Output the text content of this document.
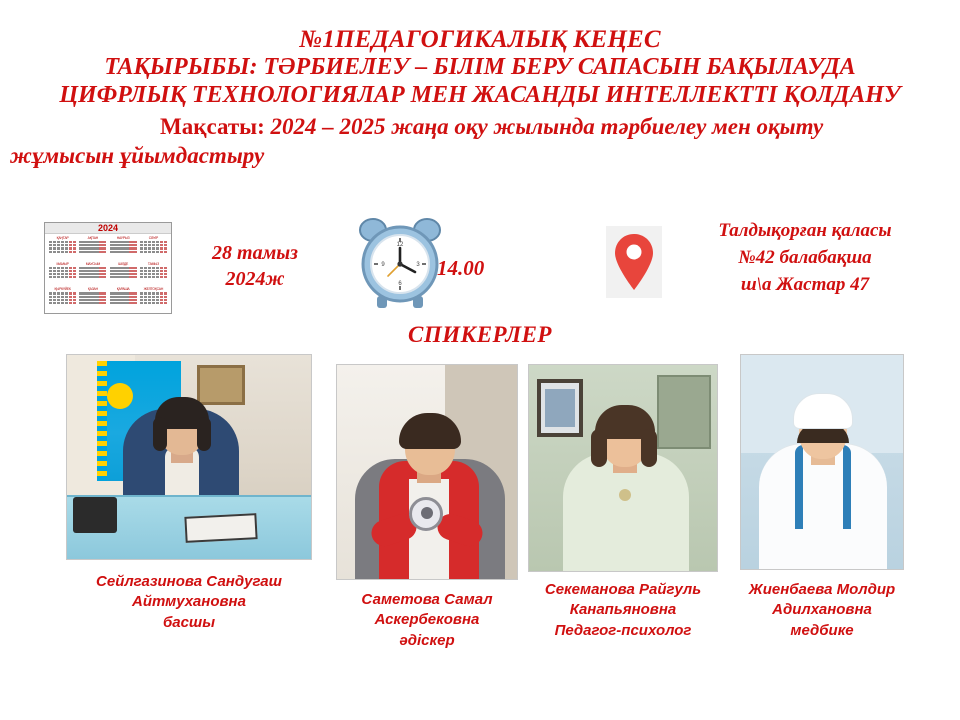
№1ПЕДАГОГИКАЛЫҚ КЕҢЕС
ТАҚЫРЫБЫ: ТӘРБИЕЛЕУ – БІЛІМ БЕРУ САПАСЫН БАҚЫЛАУДА
ЦИФРЛЫҚ ТЕХНОЛОГИЯЛАР МЕН ЖАСАНДЫ ИНТЕЛЛЕКТТІ ҚОЛДАНУ
Мақсаты: 2024 – 2025 жаңа оқу жылында тәрбиелеу мен оқыту
жұмысын ұйымдастыру
2024
ҚАҢТАР	АҚПАН	НАУРЫЗ	СӘУІР
МАМЫР	МАУСЫМ	ШІЛДЕ	ТАМЫЗ
ҚЫРКҮЙЕК	ҚАЗАН	ҚАРАША	ЖЕЛТОҚСАН
28 тамыз
2024ж
12
3
6
9 14.00
Талдықорған қаласы
№42 балабақша
ш\а Жастар 47
СПИКЕРЛЕР
Сейлгазинова Сандугаш
Айтмухановна
басшы
Саметова Самал
Аскербековна
әдіскер
Секеманова Райгуль
Канапьяновна
Педагог-психолог
Жиенбаева Молдир
Адилхановна
медбике
